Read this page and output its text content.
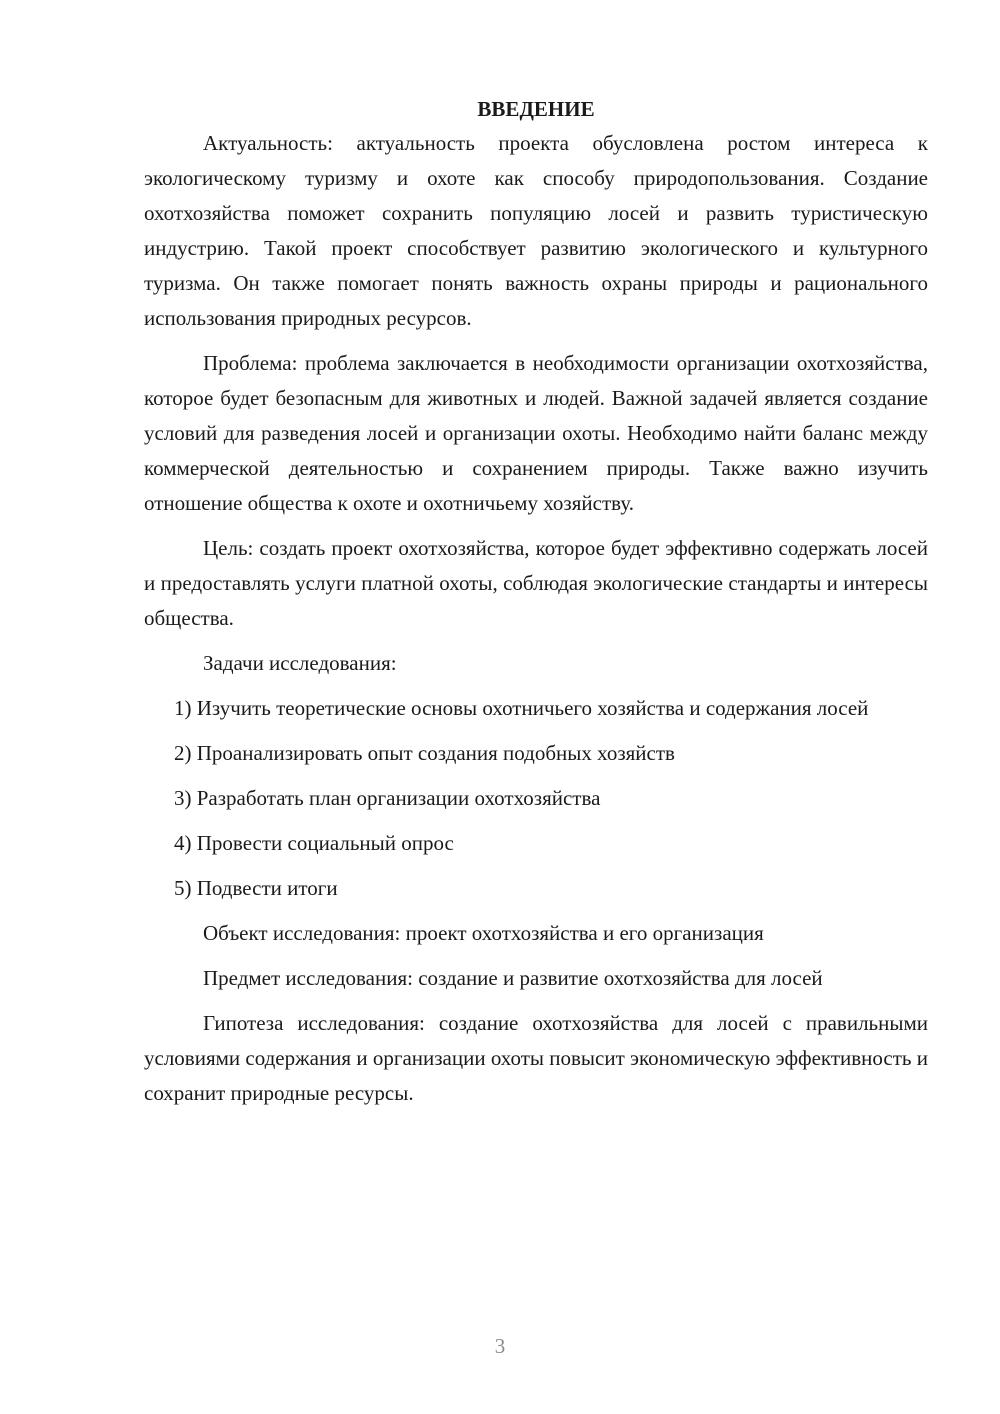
ВВЕДЕНИЕ

Актуальность: актуальность проекта обусловлена ростом интереса к экологическому туризму и охоте как способу природопользования. Создание охотхозяйства поможет сохранить популяцию лосей и развить туристическую индустрию. Такой проект способствует развитию экологического и культурного туризма. Он также помогает понять важность охраны природы и рационального использования природных ресурсов.

Проблема: проблема заключается в необходимости организации охотхозяйства, которое будет безопасным для животных и людей. Важной задачей является создание условий для разведения лосей и организации охоты. Необходимо найти баланс между коммерческой деятельностью и сохранением природы. Также важно изучить отношение общества к охоте и охотничьему хозяйству.

Цель: создать проект охотхозяйства, которое будет эффективно содержать лосей и предоставлять услуги платной охоты, соблюдая экологические стандарты и интересы общества.

Задачи исследования:

1) Изучить теоретические основы охотничьего хозяйства и содержания лосей

2) Проанализировать опыт создания подобных хозяйств

3) Разработать план организации охотхозяйства

4) Провести социальный опрос

5) Подвести итоги

Объект исследования: проект охотхозяйства и его организация

Предмет исследования: создание и развитие охотхозяйства для лосей

Гипотеза исследования: создание охотхозяйства для лосей с правильными условиями содержания и организации охоты повысит экономическую эффективность и сохранит природные ресурсы.

3
